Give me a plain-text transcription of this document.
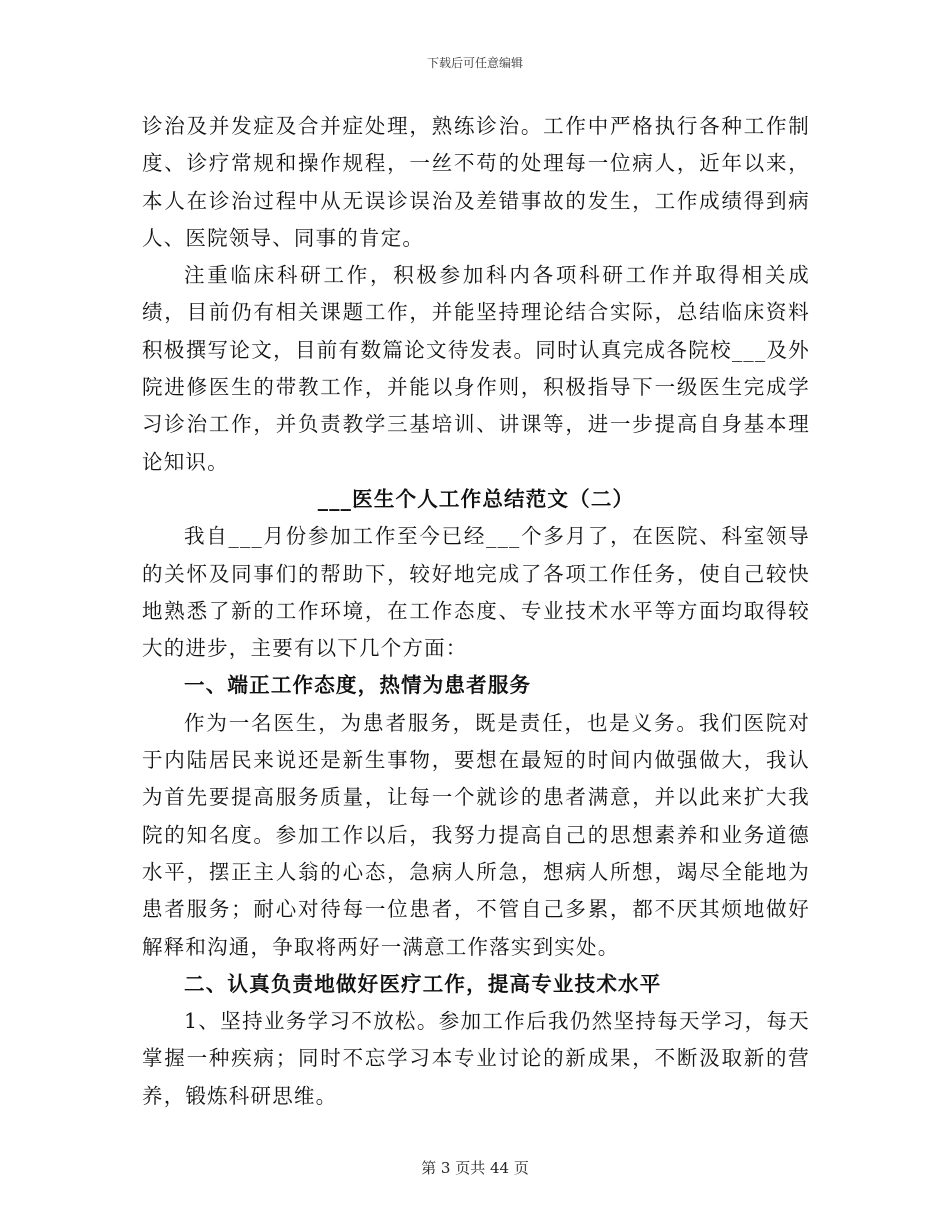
下载后可任意编辑

诊治及并发症及合并症处理，熟练诊治。工作中严格执行各种工作制度、诊疗常规和操作规程，一丝不苟的处理每一位病人，近年以来，本人在诊治过程中从无误诊误治及差错事故的发生，工作成绩得到病人、医院领导、同事的肯定。

注重临床科研工作，积极参加科内各项科研工作并取得相关成绩，目前仍有相关课题工作，并能坚持理论结合实际，总结临床资料积极撰写论文，目前有数篇论文待发表。同时认真完成各院校___及外院进修医生的带教工作，并能以身作则，积极指导下一级医生完成学习诊治工作，并负责教学三基培训、讲课等，进一步提高自身基本理论知识。

___医生个人工作总结范文（二）

我自___月份参加工作至今已经___个多月了，在医院、科室领导的关怀及同事们的帮助下，较好地完成了各项工作任务，使自己较快地熟悉了新的工作环境，在工作态度、专业技术水平等方面均取得较大的进步，主要有以下几个方面：

一、端正工作态度，热情为患者服务

作为一名医生，为患者服务，既是责任，也是义务。我们医院对于内陆居民来说还是新生事物，要想在最短的时间内做强做大，我认为首先要提高服务质量，让每一个就诊的患者满意，并以此来扩大我院的知名度。参加工作以后，我努力提高自己的思想素养和业务道德水平，摆正主人翁的心态，急病人所急，想病人所想，竭尽全能地为患者服务；耐心对待每一位患者，不管自己多累，都不厌其烦地做好解释和沟通，争取将两好一满意工作落实到实处。

二、认真负责地做好医疗工作，提高专业技术水平

1、坚持业务学习不放松。参加工作后我仍然坚持每天学习，每天掌握一种疾病；同时不忘学习本专业讨论的新成果，不断汲取新的营养，锻炼科研思维。

第 3 页共 44 页
